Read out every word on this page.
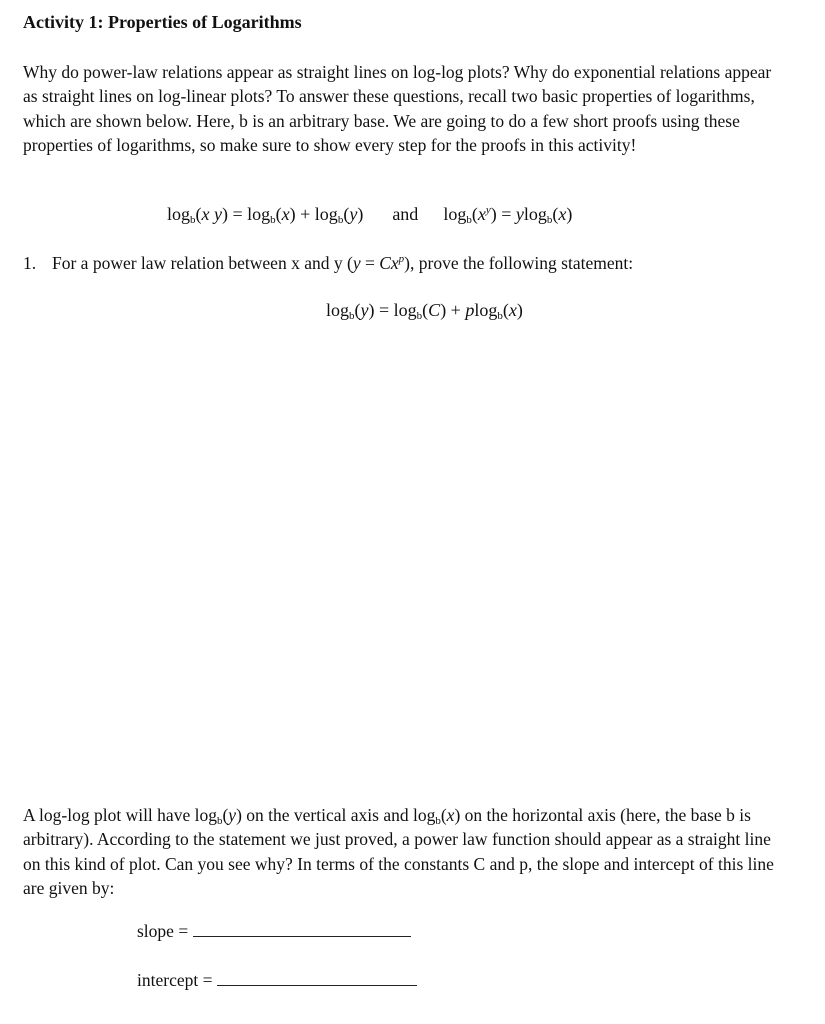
Activity 1: Properties of Logarithms
Why do power-law relations appear as straight lines on log-log plots? Why do exponential relations appear as straight lines on log-linear plots? To answer these questions, recall two basic properties of logarithms, which are shown below. Here, b is an arbitrary base. We are going to do a few short proofs using these properties of logarithms, so make sure to show every step for the proofs in this activity!
$\log_b(x$ $y) = \log_b(x) + \log_b(y)$ and $\log_b(x^y) = ylog_b(x)$
1. For a power law relation between x and y $(y = Cx^p)$, prove the following statement:
$\log_b(y) = \log_b(C) + plog_b(x)$
A log-log plot will have $\log_b(y)$ on the vertical axis and $\log_b(x)$ on the horizontal axis (here, the base b is arbitrary). According to the statement we just proved, a power law function should appear as a straight line on this kind of plot. Can you see why? In terms of the constants C and p, the slope and intercept of this line are given by:
slope =
intercept =
